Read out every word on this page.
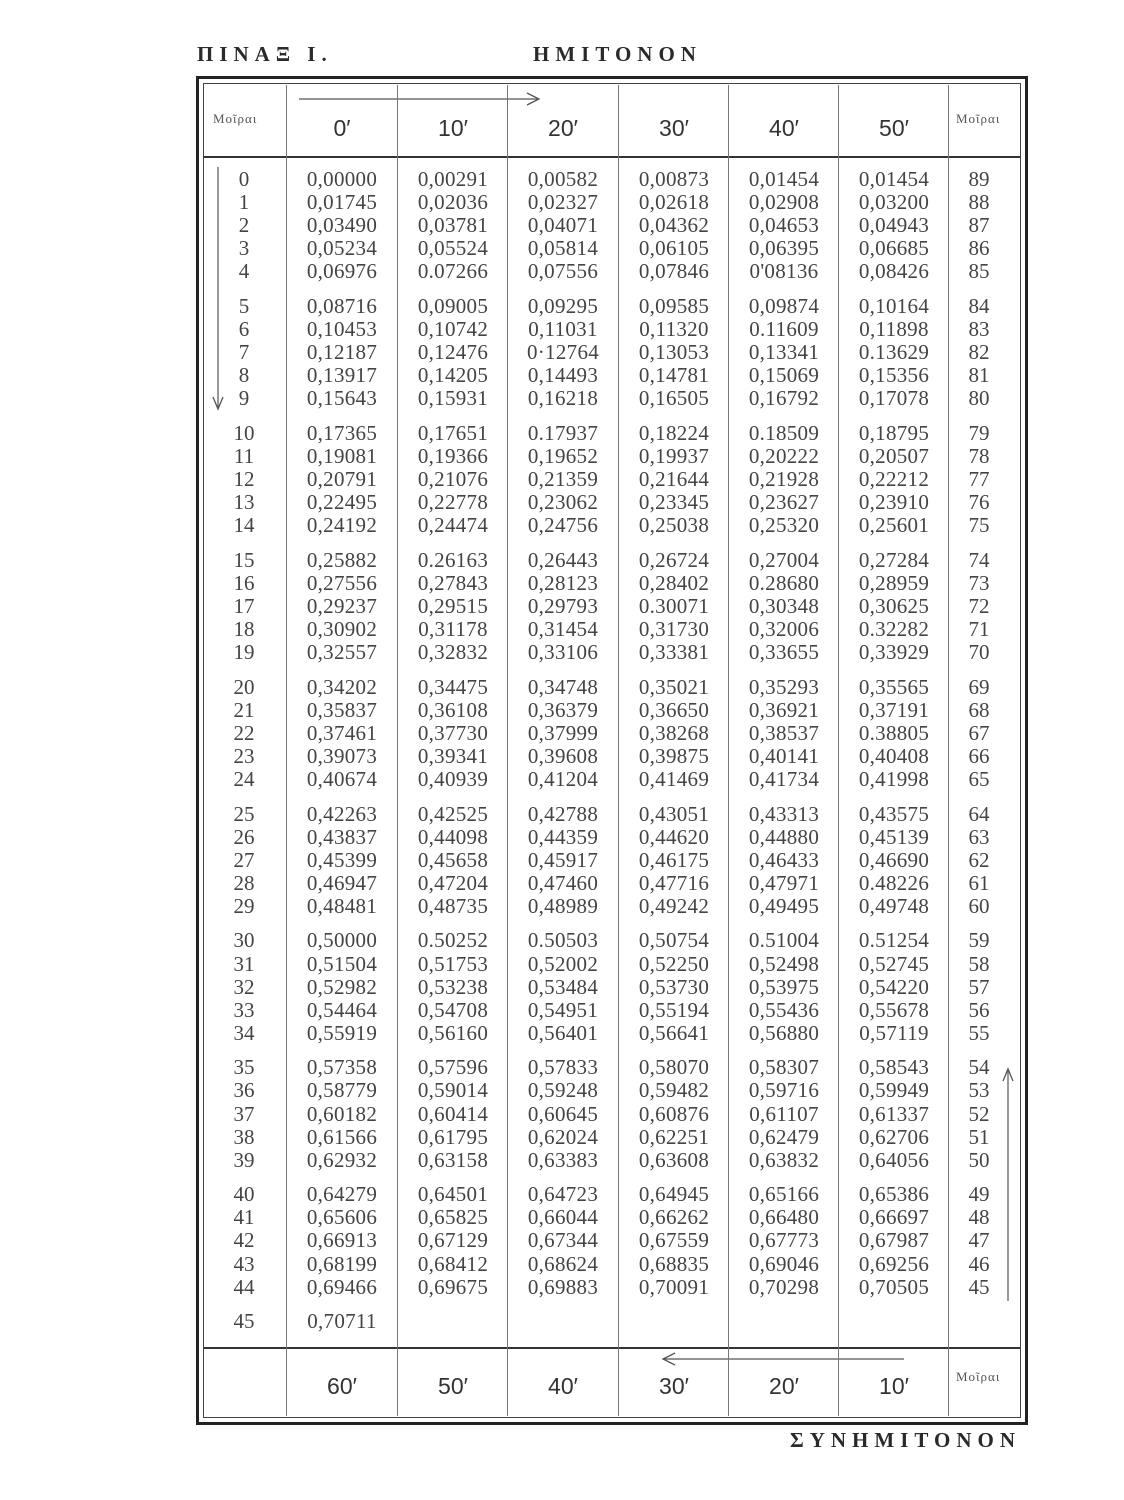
ΠΙΝΑΞ Ι.	ΗΜΙΤΟΝΟΝ
Μοῖραι	Μοῖραι
0′	10′	20′	30′	40′	50′
0	0,00000	0,00291	0,00582	0,00873	0,01454	0,01454	89
1	0,01745	0,02036	0,02327	0,02618	0,02908	0,03200	88
2	0,03490	0,03781	0,04071	0,04362	0,04653	0,04943	87
3	0,05234	0,05524	0,05814	0,06105	0,06395	0,06685	86
4	0,06976	0.07266	0,07556	0,07846	0'08136	0,08426	85
5	0,08716	0,09005	0,09295	0,09585	0,09874	0,10164	84
6	0,10453	0,10742	0,11031	0,11320	0.11609	0,11898	83
7	0,12187	0,12476	0·12764	0,13053	0,13341	0.13629	82
8	0,13917	0,14205	0,14493	0,14781	0,15069	0,15356	81
9	0,15643	0,15931	0,16218	0,16505	0,16792	0,17078	80
10	0,17365	0,17651	0.17937	0,18224	0.18509	0,18795	79
11	0,19081	0,19366	0,19652	0,19937	0,20222	0,20507	78
12	0,20791	0,21076	0,21359	0,21644	0,21928	0,22212	77
13	0,22495	0,22778	0,23062	0,23345	0,23627	0,23910	76
14	0,24192	0,24474	0,24756	0,25038	0,25320	0,25601	75
15	0,25882	0.26163	0,26443	0,26724	0,27004	0,27284	74
16	0,27556	0,27843	0,28123	0,28402	0.28680	0,28959	73
17	0,29237	0,29515	0,29793	0.30071	0,30348	0,30625	72
18	0,30902	0,31178	0,31454	0,31730	0,32006	0.32282	71
19	0,32557	0,32832	0,33106	0,33381	0,33655	0,33929	70
20	0,34202	0,34475	0,34748	0,35021	0,35293	0,35565	69
21	0,35837	0,36108	0,36379	0,36650	0,36921	0,37191	68
22	0,37461	0,37730	0,37999	0,38268	0,38537	0.38805	67
23	0,39073	0,39341	0,39608	0,39875	0,40141	0,40408	66
24	0,40674	0,40939	0,41204	0,41469	0,41734	0,41998	65
25	0,42263	0,42525	0,42788	0,43051	0,43313	0,43575	64
26	0,43837	0,44098	0,44359	0,44620	0,44880	0,45139	63
27	0,45399	0,45658	0,45917	0,46175	0,46433	0,46690	62
28	0,46947	0,47204	0,47460	0,47716	0,47971	0.48226	61
29	0,48481	0,48735	0,48989	0,49242	0,49495	0,49748	60
30	0,50000	0.50252	0.50503	0,50754	0.51004	0.51254	59
31	0,51504	0,51753	0,52002	0,52250	0,52498	0,52745	58
32	0,52982	0,53238	0,53484	0,53730	0,53975	0,54220	57
33	0,54464	0,54708	0,54951	0,55194	0,55436	0,55678	56
34	0,55919	0,56160	0,56401	0,56641	0,56880	0,57119	55
35	0,57358	0,57596	0,57833	0,58070	0,58307	0,58543	54
36	0,58779	0,59014	0,59248	0,59482	0,59716	0,59949	53
37	0,60182	0,60414	0,60645	0,60876	0,61107	0,61337	52
38	0,61566	0,61795	0,62024	0,62251	0,62479	0,62706	51
39	0,62932	0,63158	0,63383	0,63608	0,63832	0,64056	50
40	0,64279	0,64501	0,64723	0,64945	0,65166	0,65386	49
41	0,65606	0,65825	0,66044	0,66262	0,66480	0,66697	48
42	0,66913	0,67129	0,67344	0,67559	0,67773	0,67987	47
43	0,68199	0,68412	0,68624	0,68835	0,69046	0,69256	46
44	0,69466	0,69675	0,69883	0,70091	0,70298	0,70505	45
45	0,70711
Μοῖραι
60′	50′	40′	30′	20′	10′
ΣΥΝΗΜΙΤΟΝΟΝ
